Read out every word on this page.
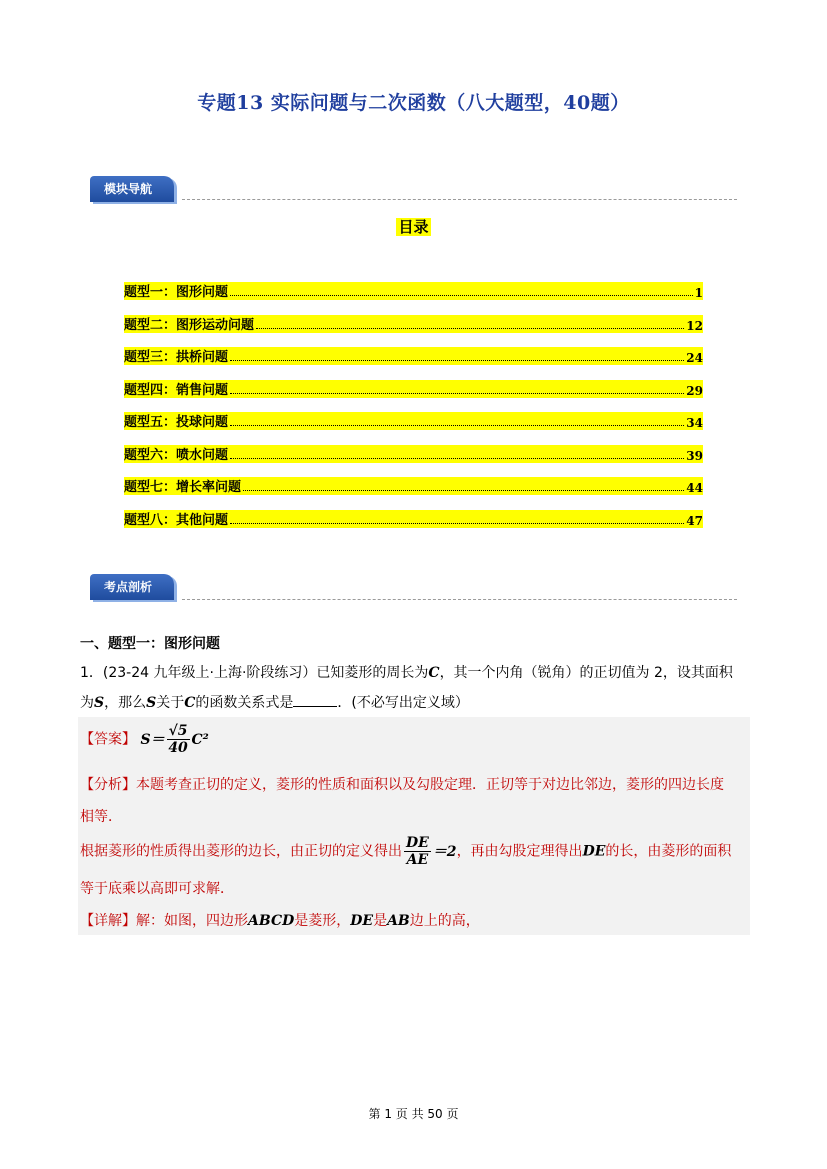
专题13 实际问题与二次函数（八大题型，40题）
模块导航
目录
题型一：图形问题	1
题型二：图形运动问题	12
题型三：拱桥问题	24
题型四：销售问题	29
题型五：投球问题	34
题型六：喷水问题	39
题型七：增长率问题	44
题型八：其他问题	47
考点剖析
一、题型一：图形问题
1．(23-24 九年级上·上海·阶段练习）已知菱形的周长为C，其一个内角（锐角）的正切值为 2，设其面积
为S，那么S关于C的函数关系式是	．(不必写出定义域）
【答案】 $S= \frac{√5}{40} C^2$
【分析】本题考查正切的定义，菱形的性质和面积以及勾股定理．正切等于对边比邻边，菱形的四边长度
相等．
根据菱形的性质得出菱形的边长，由正切的定义得出 $\frac{DE}{AE} =2$，再由勾股定理得出DE的长，由菱形的面积
等于底乘以高即可求解．
【详解】解：如图，四边形ABCD是菱形，DE是AB边上的高，
第 1 页 共 50 页
